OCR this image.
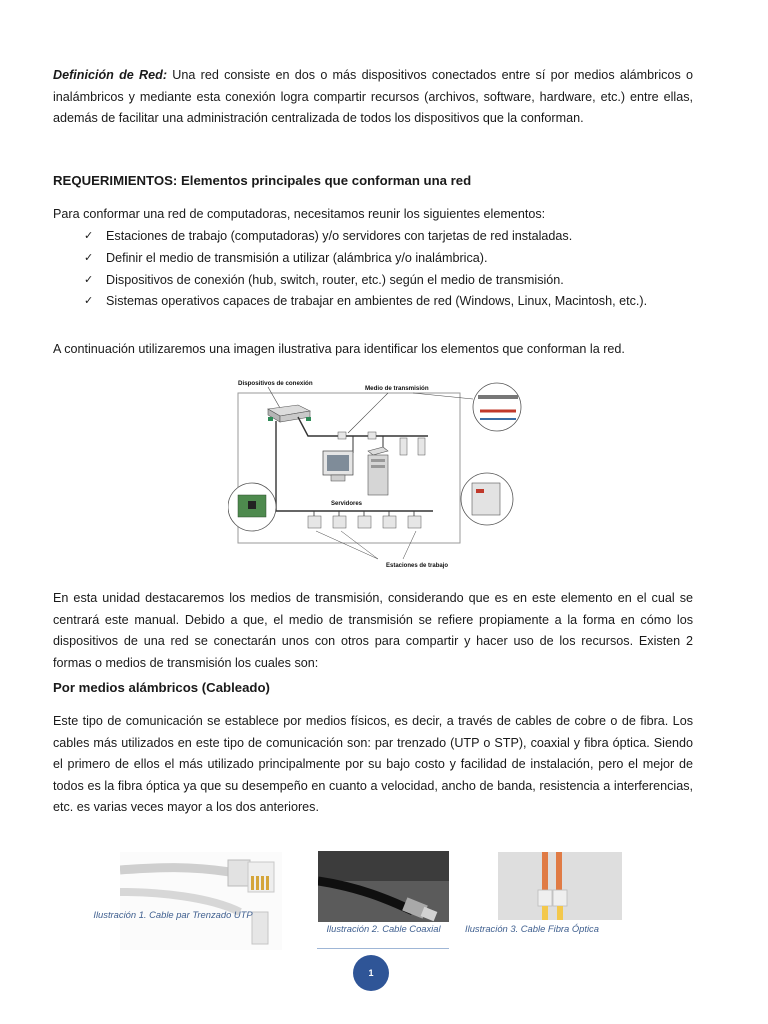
Definición de Red: Una red consiste en dos o más dispositivos conectados entre sí por medios alámbricos o inalámbricos y mediante esta conexión logra compartir recursos (archivos, software, hardware, etc.) entre ellas, además de facilitar una administración centralizada de todos los dispositivos que la conforman.

REQUERIMIENTOS: Elementos principales que conforman una red

Para conformar una red de computadoras, necesitamos reunir los siguientes elementos:

✓ Estaciones de trabajo (computadoras) y/o servidores con tarjetas de red instaladas.
✓ Definir el medio de transmisión a utilizar (alámbrica y/o inalámbrica).
✓ Dispositivos de conexión (hub, switch, router, etc.) según el medio de transmisión.
✓ Sistemas operativos capaces de trabajar en ambientes de red (Windows, Linux, Macintosh, etc.).

A continuación utilizaremos una imagen ilustrativa para identificar los elementos que conforman la red.

Dispositivos de conexión
Medio de transmisión
Servidores
Estaciones de trabajo

En esta unidad destacaremos los medios de transmisión, considerando que es en este elemento en el cual se centrará este manual. Debido a que, el medio de transmisión se refiere propiamente a la forma en cómo los dispositivos de una red se conectarán unos con otros para compartir y hacer uso de los recursos. Existen 2 formas o medios de transmisión los cuales son:

Por medios alámbricos (Cableado)

Este tipo de comunicación se establece por medios físicos, es decir, a través de cables de cobre o de fibra. Los cables más utilizados en este tipo de comunicación son: par trenzado (UTP o STP), coaxial y fibra óptica. Siendo el primero de ellos el más utilizado principalmente por su bajo costo y facilidad de instalación, pero el mejor de todos es la fibra óptica ya que su desempeño en cuanto a velocidad, ancho de banda, resistencia a interferencias, etc. es varias veces mayor a los dos anteriores.

Ilustración 1. Cable par Trenzado UTP
Ilustración 2. Cable Coaxial	Ilustración 3. Cable Fibra Óptica
1
